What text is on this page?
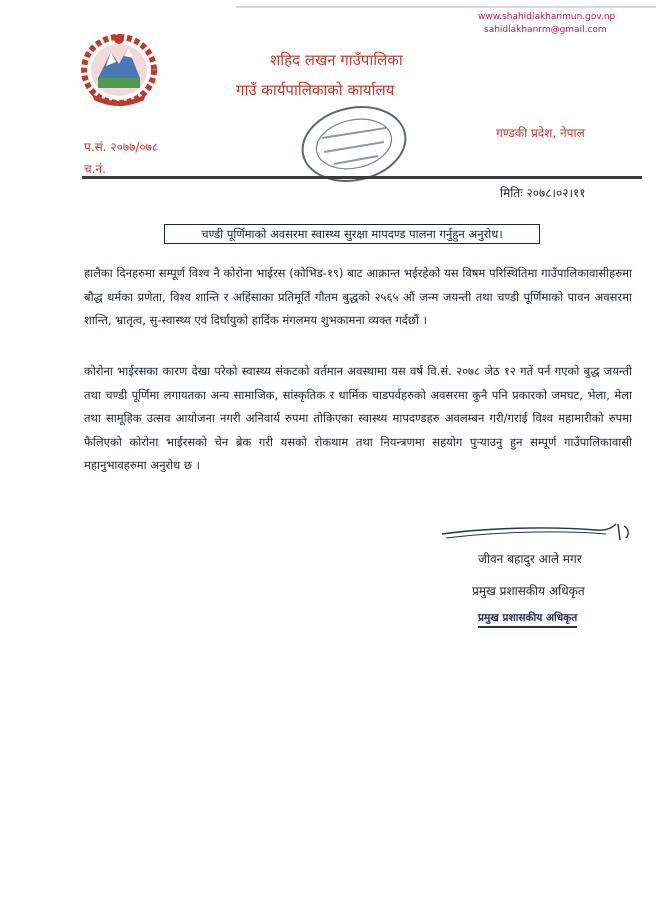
www.shahidlakhanmun.gov.np
sahidlakhanrm@gmail.com
शहिद लखन गाउँपालिका
गाउँ कार्यपालिकाको कार्यालय
प.सं. २०७७/०७८
च.नं.
गण्डकी प्रदेश, नेपाल
मितिः २०७८।०२।११
चण्डी पूर्णिमाको अवसरमा स्वास्थ्य सुरक्षा मापदण्ड पालना गर्नुहुन अनुरोध।

हालैका दिनहरुमा सम्पूर्ण विश्व नै कोरोना भाईरस (कोभिड-१९) बाट आक्रान्त भईरहेको यस विषम परिस्थितिमा गाउँपालिकावासीहरुमा बौद्ध धर्मका प्रणेता, विश्व शान्ति र अहिंसाका प्रतिमूर्ति गौतम बुद्धको २५६५ औं जन्म जयन्ती तथा चण्डी पूर्णिमाको पावन अवसरमा शान्ति, भ्रातृत्व, सु-स्वास्थ्य एवं दिर्घायुको हार्दिक मंगलमय शुभकामना व्यक्त गर्दछौं ।

कोरोना भाईरसका कारण देखा परेको स्वास्थ्य संकटको वर्तमान अवस्थामा यस वर्ष वि.सं. २०७८ जेठ १२ गतें पर्न गएको बुद्ध जयन्ती तथा चण्डी पूर्णिमा लगायतका अन्य सामाजिक, सांस्कृतिक र धार्मिक चाडपर्वहरुको अवसरमा कुनै पनि प्रकारको जमघट, भेला, मेला तथा सामूहिक उत्सव आयोजना नगरी अनिवार्य रुपमा तोकिएका स्वास्थ्य मापदण्डहरु अवलम्बन गरी/गराई विश्व महामारीको रुपमा फैलिएको कोरोना भाईरसको चेन ब्रेक गरी यसको रोकथाम तथा नियन्त्रणमा सहयोग पुऱ्याउनु हुन सम्पूर्ण गाउँपालिकावासी महानुभावहरुमा अनुरोध छ ।

जीवन बहादुर आले मगर
प्रमुख प्रशासकीय अधिकृत
प्रमुख प्रशासकीय अधिकृत
